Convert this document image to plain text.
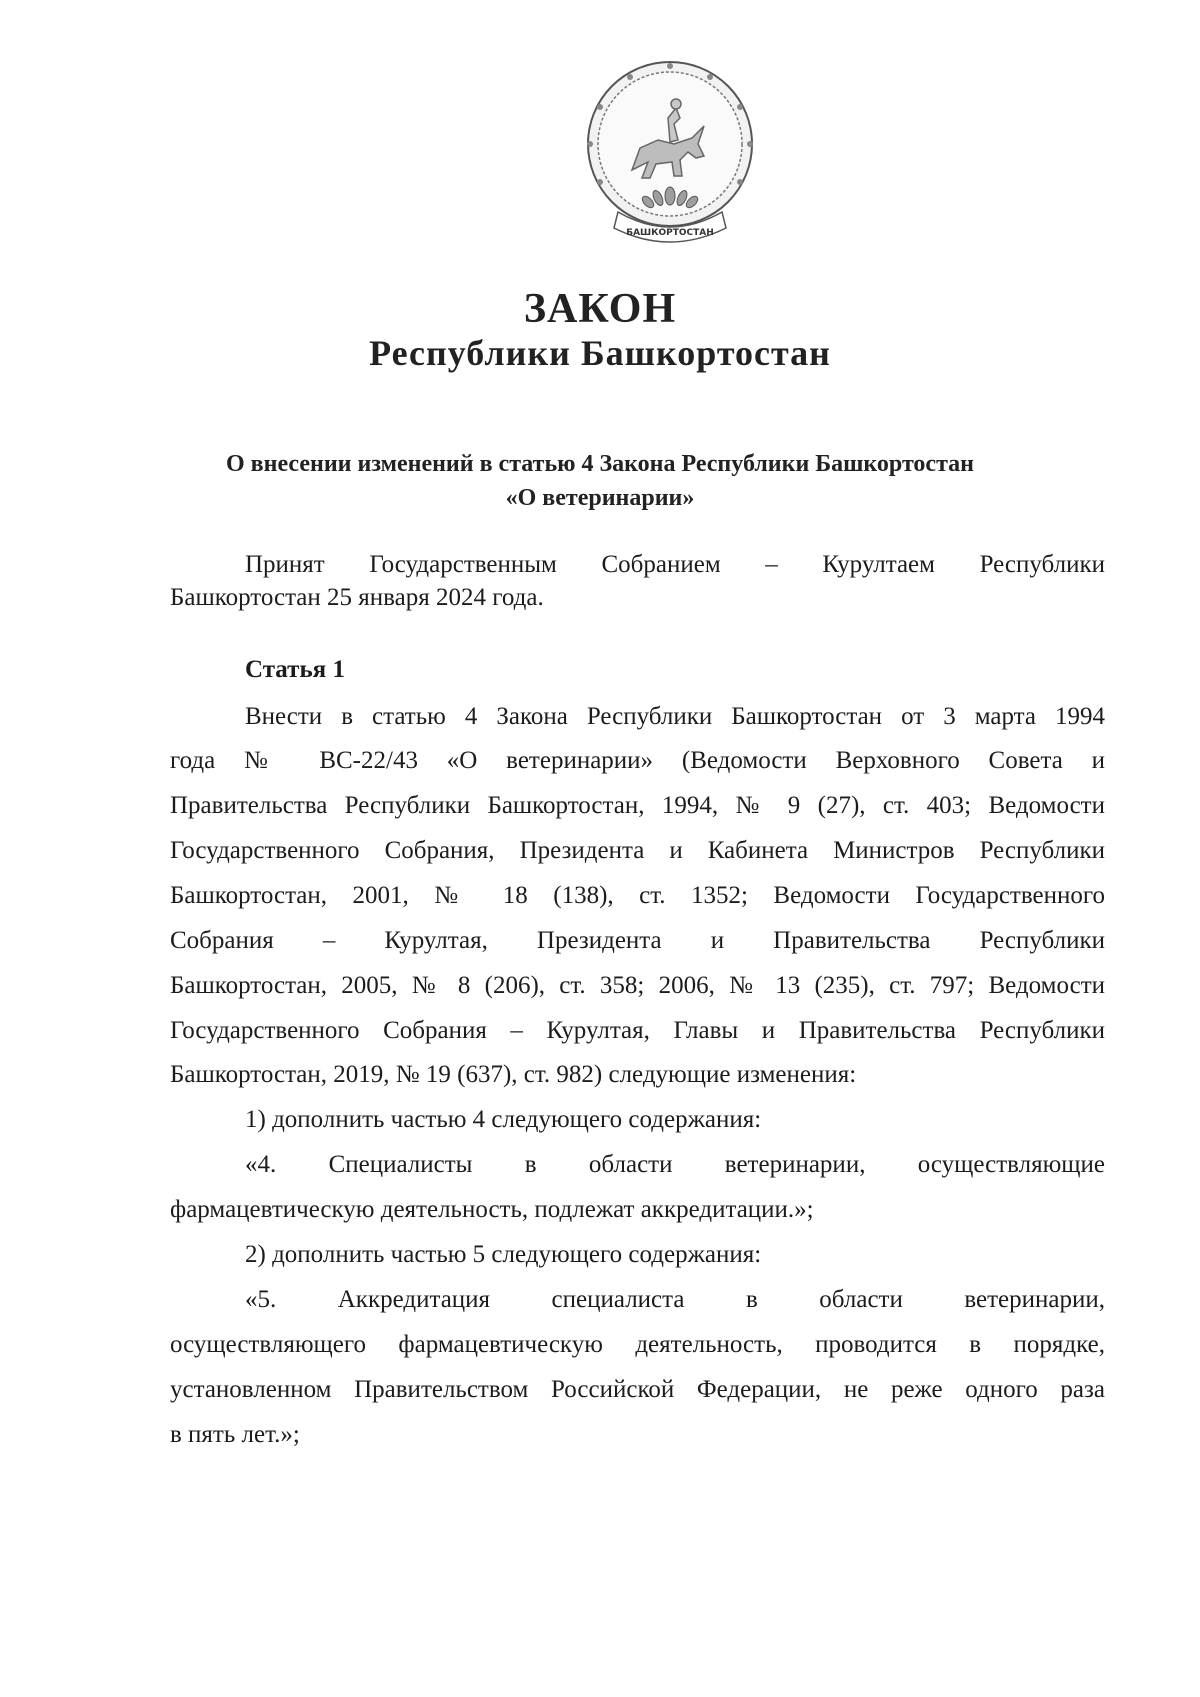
БАШКОРТОСТАН
ЗАКОН
Республики Башкортостан
О внесении изменений в статью 4 Закона Республики Башкортостан
«О ветеринарии»
Принят Государственным Собранием – Курултаем Республики
Башкортостан 25 января 2024 года.
Статья 1
Внести в статью 4 Закона Республики Башкортостан от 3 марта 1994
года № ВС-22/43 «О ветеринарии» (Ведомости Верховного Совета и
Правительства Республики Башкортостан, 1994, № 9 (27), ст. 403; Ведомости
Государственного Собрания, Президента и Кабинета Министров Республики
Башкортостан, 2001, № 18 (138), ст. 1352; Ведомости Государственного
Собрания – Курултая, Президента и Правительства Республики
Башкортостан, 2005, № 8 (206), ст. 358; 2006, № 13 (235), ст. 797; Ведомости
Государственного Собрания – Курултая, Главы и Правительства Республики
Башкортостан, 2019, № 19 (637), ст. 982) следующие изменения:
1) дополнить частью 4 следующего содержания:
«4. Специалисты в области ветеринарии, осуществляющие
фармацевтическую деятельность, подлежат аккредитации.»;
2) дополнить частью 5 следующего содержания:
«5. Аккредитация специалиста в области ветеринарии,
осуществляющего фармацевтическую деятельность, проводится в порядке,
установленном Правительством Российской Федерации, не реже одного раза
в пять лет.»;
